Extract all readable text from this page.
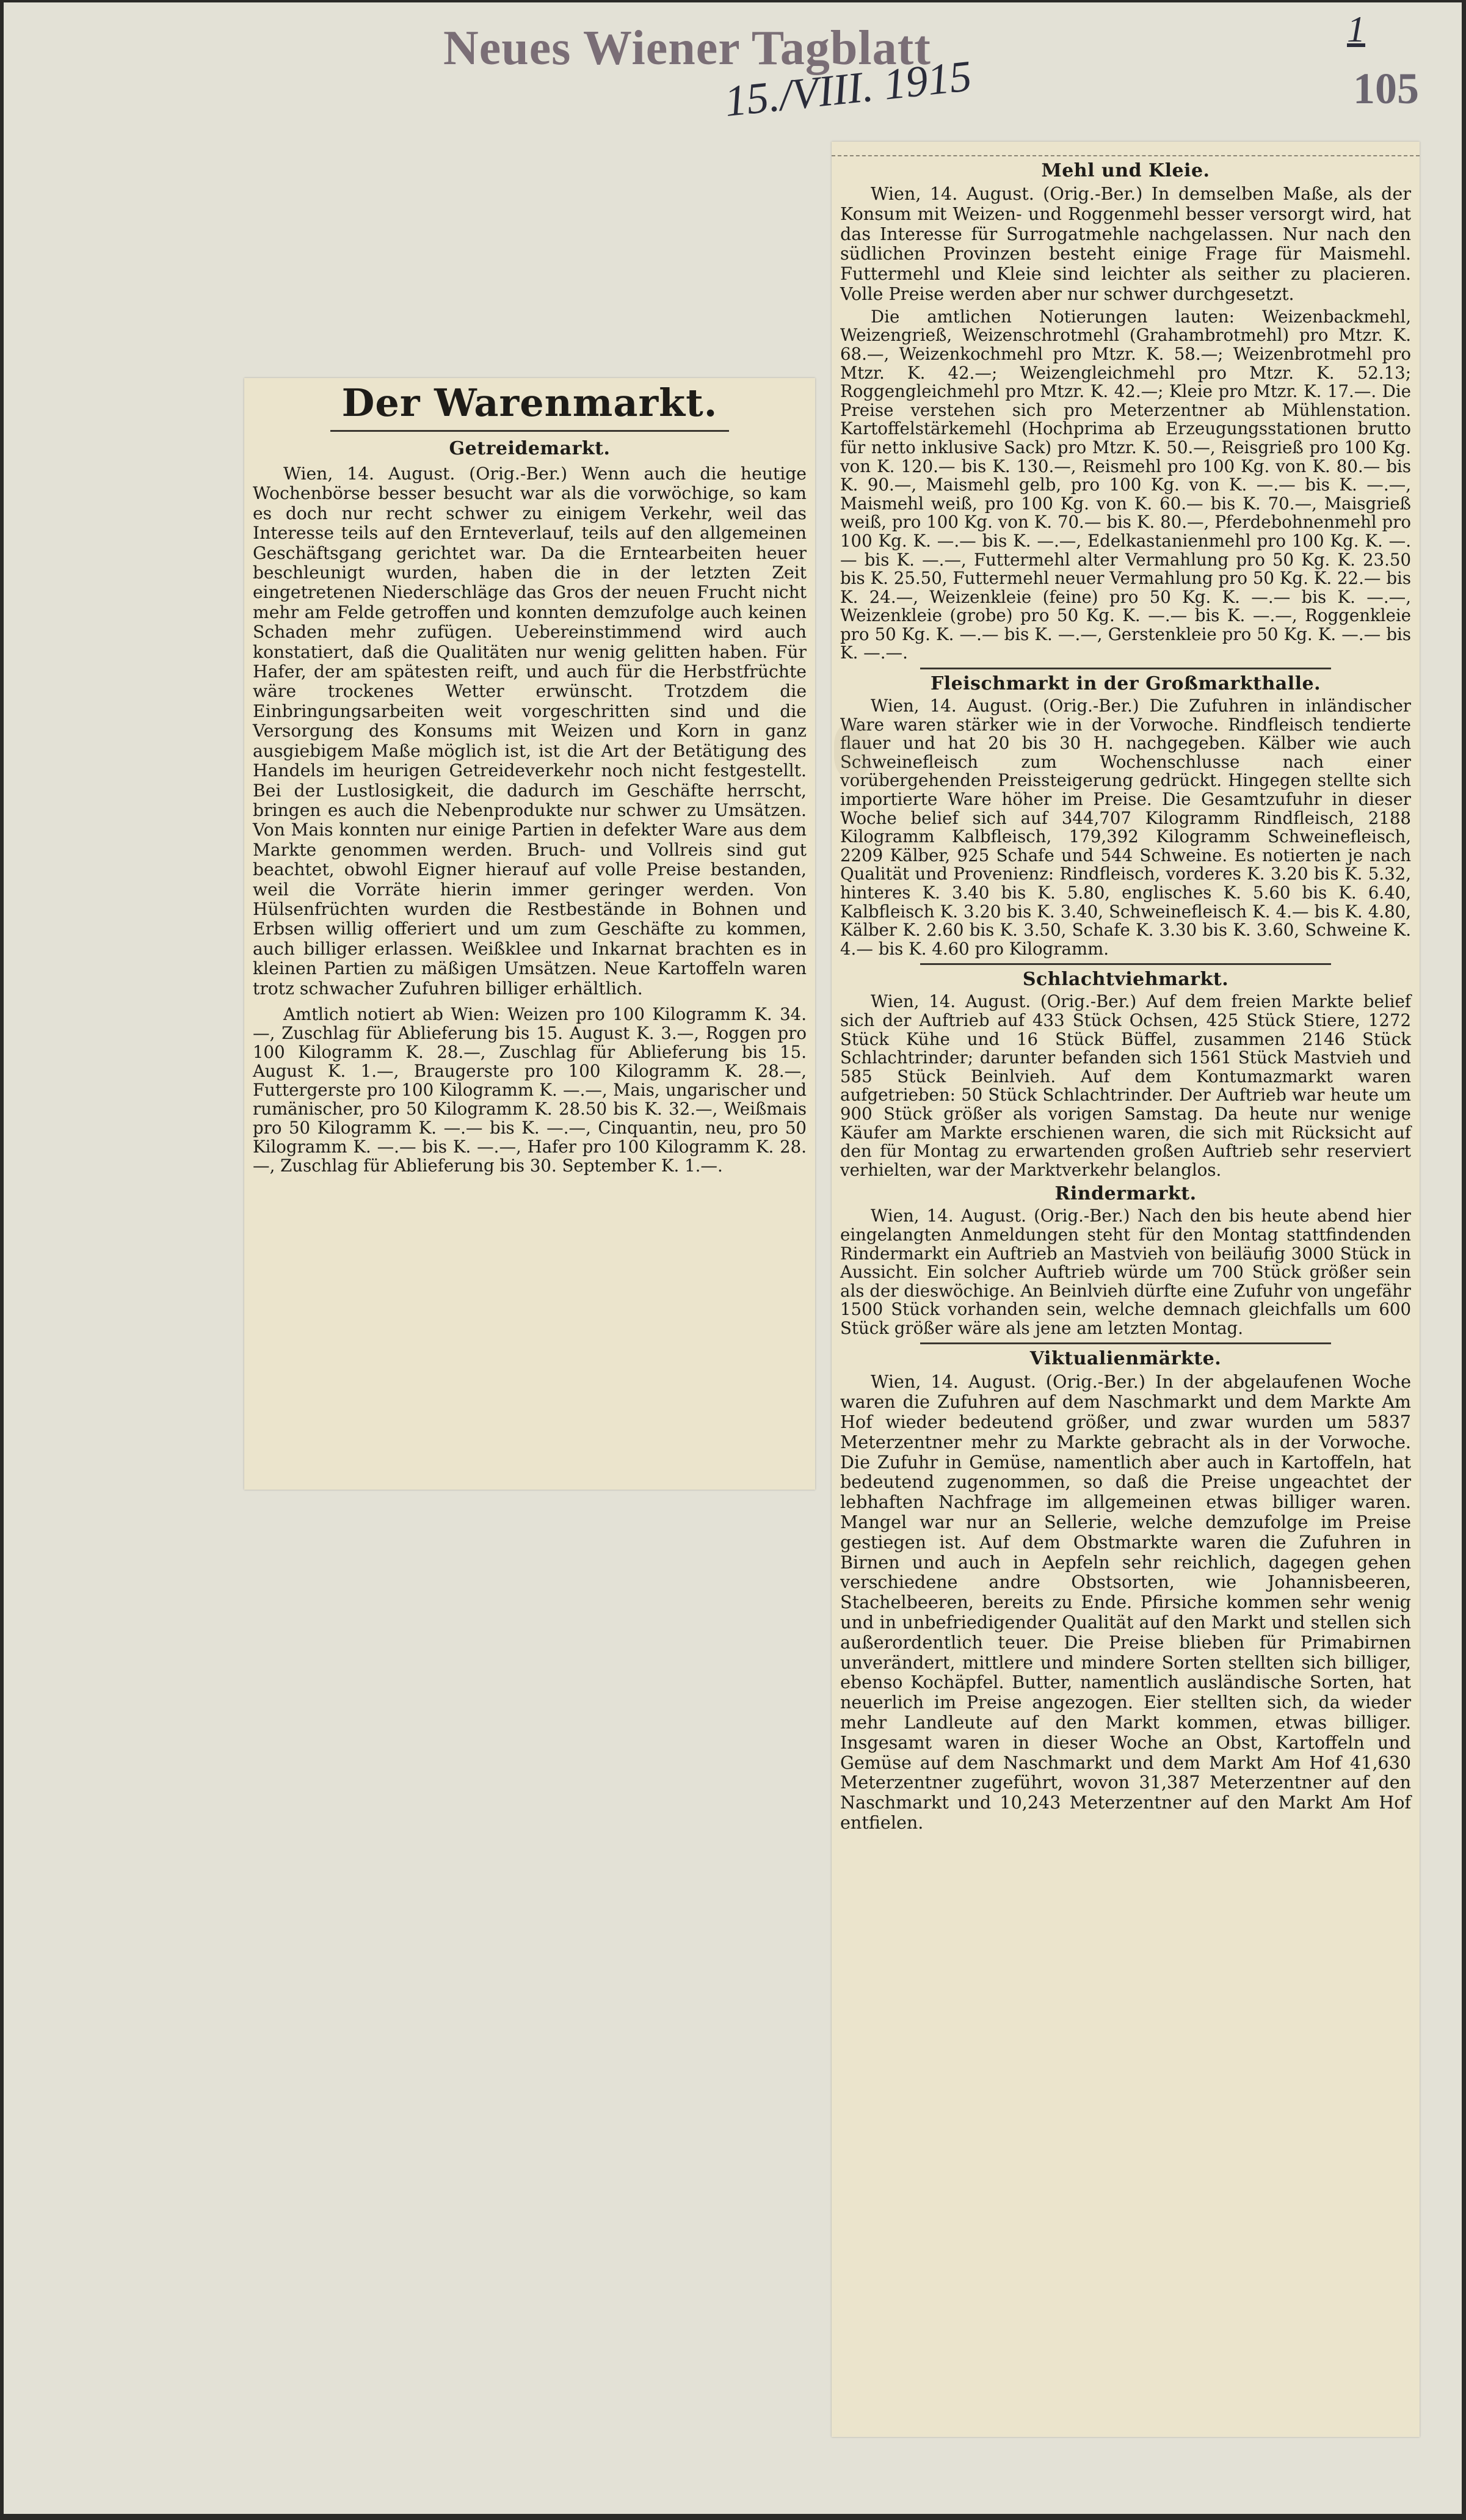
Neues Wiener Tagblatt
15./VIII. 1915
1
105
Der Warenmarkt.
Getreidemarkt.

Wien, 14. August. (Orig.-Ber.) Wenn auch die heutige Wochenbörse besser besucht war als die vorwöchige, so kam es doch nur recht schwer zu einigem Verkehr, weil das Interesse teils auf den Ernteverlauf, teils auf den allgemeinen Geschäftsgang gerichtet war. Da die Erntearbeiten heuer beschleunigt wurden, haben die in der letzten Zeit eingetretenen Niederschläge das Gros der neuen Frucht nicht mehr am Felde getroffen und konnten demzufolge auch keinen Schaden mehr zufügen. Uebereinstimmend wird auch konstatiert, daß die Qualitäten nur wenig gelitten haben. Für Hafer, der am spätesten reift, und auch für die Herbstfrüchte wäre trockenes Wetter erwünscht. Trotzdem die Einbringungsarbeiten weit vorgeschritten sind und die Versorgung des Konsums mit Weizen und Korn in ganz ausgiebigem Maße möglich ist, ist die Art der Betätigung des Handels im heurigen Getreideverkehr noch nicht festgestellt. Bei der Lustlosigkeit, die dadurch im Geschäfte herrscht, bringen es auch die Nebenprodukte nur schwer zu Umsätzen. Von Mais konnten nur einige Partien in defekter Ware aus dem Markte genommen werden. Bruch- und Vollreis sind gut beachtet, obwohl Eigner hierauf auf volle Preise bestanden, weil die Vorräte hierin immer geringer werden. Von Hülsenfrüchten wurden die Restbestände in Bohnen und Erbsen willig offeriert und um zum Geschäfte zu kommen, auch billiger erlassen. Weißklee und Inkarnat brachten es in kleinen Partien zu mäßigen Umsätzen. Neue Kartoffeln waren trotz schwacher Zufuhren billiger erhältlich.

Amtlich notiert ab Wien: Weizen pro 100 Kilogramm K. 34.—, Zuschlag für Ablieferung bis 15. August K. 3.—, Roggen pro 100 Kilogramm K. 28.—, Zuschlag für Ablieferung bis 15. August K. 1.—, Braugerste pro 100 Kilogramm K. 28.—, Futtergerste pro 100 Kilogramm K. —.—, Mais, ungarischer und rumänischer, pro 50 Kilogramm K. 28.50 bis K. 32.—, Weißmais pro 50 Kilogramm K. —.— bis K. —.—, Cinquantin, neu, pro 50 Kilogramm K. —.— bis K. —.—, Hafer pro 100 Kilogramm K. 28.—, Zuschlag für Ablieferung bis 30. September K. 1.—.

Mehl und Kleie.

Wien, 14. August. (Orig.-Ber.) In demselben Maße, als der Konsum mit Weizen- und Roggenmehl besser versorgt wird, hat das Interesse für Surrogatmehle nachgelassen. Nur nach den südlichen Provinzen besteht einige Frage für Maismehl. Futtermehl und Kleie sind leichter als seither zu placieren. Volle Preise werden aber nur schwer durchgesetzt.

Die amtlichen Notierungen lauten: Weizenbackmehl, Weizengrieß, Weizenschrotmehl (Grahambrotmehl) pro Mtzr. K. 68.—, Weizenkochmehl pro Mtzr. K. 58.—; Weizenbrotmehl pro Mtzr. K. 42.—; Weizengleichmehl pro Mtzr. K. 52.13; Roggengleichmehl pro Mtzr. K. 42.—; Kleie pro Mtzr. K. 17.—. Die Preise verstehen sich pro Meterzentner ab Mühlenstation. Kartoffelstärkemehl (Hochprima ab Erzeugungsstationen brutto für netto inklusive Sack) pro Mtzr. K. 50.—, Reisgrieß pro 100 Kg. von K. 120.— bis K. 130.—, Reismehl pro 100 Kg. von K. 80.— bis K. 90.—, Maismehl gelb, pro 100 Kg. von K. —.— bis K. —.—, Maismehl weiß, pro 100 Kg. von K. 60.— bis K. 70.—, Maisgrieß weiß, pro 100 Kg. von K. 70.— bis K. 80.—, Pferdebohnenmehl pro 100 Kg. K. —.— bis K. —.—, Edelkastanienmehl pro 100 Kg. K. —.— bis K. —.—, Futtermehl alter Vermahlung pro 50 Kg. K. 23.50 bis K. 25.50, Futtermehl neuer Vermahlung pro 50 Kg. K. 22.— bis K. 24.—, Weizenkleie (feine) pro 50 Kg. K. —.— bis K. —.—, Weizenkleie (grobe) pro 50 Kg. K. —.— bis K. —.—, Roggenkleie pro 50 Kg. K. —.— bis K. —.—, Gerstenkleie pro 50 Kg. K. —.— bis K. —.—.

Fleischmarkt in der Großmarkthalle.

Wien, 14. August. (Orig.-Ber.) Die Zufuhren in inländischer Ware waren stärker wie in der Vorwoche. Rindfleisch tendierte flauer und hat 20 bis 30 H. nachgegeben. Kälber wie auch Schweinefleisch zum Wochenschlusse nach einer vorübergehenden Preissteigerung gedrückt. Hingegen stellte sich importierte Ware höher im Preise. Die Gesamtzufuhr in dieser Woche belief sich auf 344,707 Kilogramm Rindfleisch, 2188 Kilogramm Kalbfleisch, 179,392 Kilogramm Schweinefleisch, 2209 Kälber, 925 Schafe und 544 Schweine. Es notierten je nach Qualität und Provenienz: Rindfleisch, vorderes K. 3.20 bis K. 5.32, hinteres K. 3.40 bis K. 5.80, englisches K. 5.60 bis K. 6.40, Kalbfleisch K. 3.20 bis K. 3.40, Schweinefleisch K. 4.— bis K. 4.80, Kälber K. 2.60 bis K. 3.50, Schafe K. 3.30 bis K. 3.60, Schweine K. 4.— bis K. 4.60 pro Kilogramm.

Schlachtviehmarkt.

Wien, 14. August. (Orig.-Ber.) Auf dem freien Markte belief sich der Auftrieb auf 433 Stück Ochsen, 425 Stück Stiere, 1272 Stück Kühe und 16 Stück Büffel, zusammen 2146 Stück Schlachtrinder; darunter befanden sich 1561 Stück Mastvieh und 585 Stück Beinlvieh. Auf dem Kontumazmarkt waren aufgetrieben: 50 Stück Schlachtrinder. Der Auftrieb war heute um 900 Stück größer als vorigen Samstag. Da heute nur wenige Käufer am Markte erschienen waren, die sich mit Rücksicht auf den für Montag zu erwartenden großen Auftrieb sehr reserviert verhielten, war der Marktverkehr belanglos.

Rindermarkt.

Wien, 14. August. (Orig.-Ber.) Nach den bis heute abend hier eingelangten Anmeldungen steht für den Montag stattfindenden Rindermarkt ein Auftrieb an Mastvieh von beiläufig 3000 Stück in Aussicht. Ein solcher Auftrieb würde um 700 Stück größer sein als der dieswöchige. An Beinlvieh dürfte eine Zufuhr von ungefähr 1500 Stück vorhanden sein, welche demnach gleichfalls um 600 Stück größer wäre als jene am letzten Montag.

Viktualienmärkte.

Wien, 14. August. (Orig.-Ber.) In der abgelaufenen Woche waren die Zufuhren auf dem Naschmarkt und dem Markte Am Hof wieder bedeutend größer, und zwar wurden um 5837 Meterzentner mehr zu Markte gebracht als in der Vorwoche. Die Zufuhr in Gemüse, namentlich aber auch in Kartoffeln, hat bedeutend zugenommen, so daß die Preise ungeachtet der lebhaften Nachfrage im allgemeinen etwas billiger waren. Mangel war nur an Sellerie, welche demzufolge im Preise gestiegen ist. Auf dem Obstmarkte waren die Zufuhren in Birnen und auch in Aepfeln sehr reichlich, dagegen gehen verschiedene andre Obstsorten, wie Johannisbeeren, Stachelbeeren, bereits zu Ende. Pfirsiche kommen sehr wenig und in unbefriedigender Qualität auf den Markt und stellen sich außerordentlich teuer. Die Preise blieben für Primabirnen unverändert, mittlere und mindere Sorten stellten sich billiger, ebenso Kochäpfel. Butter, namentlich ausländische Sorten, hat neuerlich im Preise angezogen. Eier stellten sich, da wieder mehr Landleute auf den Markt kommen, etwas billiger. Insgesamt waren in dieser Woche an Obst, Kartoffeln und Gemüse auf dem Naschmarkt und dem Markt Am Hof 41,630 Meterzentner zugeführt, wovon 31,387 Meterzentner auf den Naschmarkt und 10,243 Meterzentner auf den Markt Am Hof entfielen.
